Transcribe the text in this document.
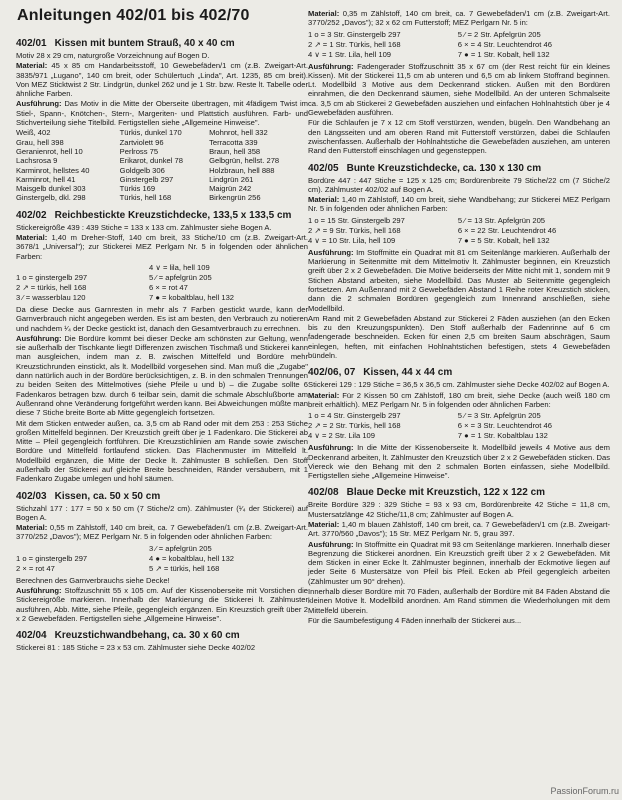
Anleitungen 402/01 bis 402/70
402/01 Kissen mit buntem Strauß, 40 x 40 cm

Motiv 28 x 29 cm, naturgroße Vorzeichnung auf Bogen D.

Material: 45 x 85 cm Handarbeitsstoff, 10 Gewebefäden/1 cm (z.B. Zweigart-Art. 3835/971 „Lugano", 140 cm breit, oder Schülertuch „Linda", Art. 1235, 85 cm breit). Von MEZ Sticktwist 2 Str. Lindgrün, dunkel 262 und je 1 Str. bzw. Reste lt. Tabelle oder ähnliche Farben.

Ausführung: Das Motiv in die Mitte der Oberseite übertragen, mit 4fädigem Twist im Stiel-, Spann-, Knötchen-, Stern-, Margeriten- und Plattstich ausführen. Farb- und Stichverteilung siehe Titelbild. Fertigstellen siehe „Allgemeine Hinweise".

Weiß, 402	Türkis, dunkel 170	Mohnrot, hell 332
Grau, hell 398	Zartviolett 96	Terracotta 339
Geranienrot, hell 10	Perlross 75	Braun, hell 358
Lachsrosa 9	Erikarot, dunkel 78	Gelbgrün, hellst. 278
Karminrot, hellstes 40	Goldgelb 306	Holzbraun, hell 888
Karminrot, hell 41	Ginstergelb 297	Lindgrün 261
Maisgelb dunkel 303	Türkis 169	Maigrün 242
Ginstergelb, dkl. 298	Türkis, hell 168	Birkengrün 256
402/02 Reichbestickte Kreuzstichdecke, 133,5 x 133,5 cm

Stickereigröße 439 : 439 Stiche = 133 x 133 cm. Zählmuster siehe Bogen A.

Material: 1,40 m Dreher-Stoff, 140 cm breit, 33 Stiche/10 cm (z.B. Zweigart-Art. 3678/1 „Universal"); zur Stickerei MEZ Perlgarn Nr. 5 in folgenden oder ähnlichen Farben:

	4 ∨ = lila, hell 109
1 o = ginstergelb 297	5 ⁄ = apfelgrün 205
2 ↗ = türkis, hell 168	6 × = rot 47
3 ⁄ = wasserblau 120	7 ● = kobaltblau, hell 132

Da diese Decke aus Garnresten in mehr als 7 Farben gestickt wurde, kann der Garnverbrauch nicht angegeben werden. Es ist am besten, den Verbrauch zu notieren und nachdem ¹⁄₄ der Decke gestickt ist, danach den Gesamtverbrauch zu errechnen.

Ausführung: Die Bordüre kommt bei dieser Decke am schönsten zur Geltung, wenn sie außerhalb der Tischkante liegt! Differenzen zwischen Tischmaß und Stickerei kann man ausgleichen, indem man z. B. zwischen Mittelfeld und Bordüre mehr Kreuzstichrunden einstickt, als lt. Modellbild vorgesehen sind. Man muß die „Zugabe" dann natürlich auch in der Bordüre berücksichtigen, z. B. in den schmalen Trennungen zu beiden Seiten des Mittelmotives (siehe Pfeile u und b) – die Zugabe sollte 6 Fadenkaros betragen bzw. durch 6 teilbar sein, damit die schmale Abschlußborte am Außenrand ohne Veränderung fortgeführt werden kann. Bei Abweichungen müßte man diese 7 Stiche breite Borte ab Mitte gegengleich fortsetzen.

Mit dem Sticken entweder außen, ca. 3,5 cm ab Rand oder mit dem 253 : 253 Stiche großen Mittelfeld beginnen. Der Kreuzstich greift über je 1 Fadenkaro. Die Stickerei ab Mitte – Pfeil gegengleich fortführen. Die Kreuzstichlinien am Rande sowie zwischen Bordüre und Mittelfeld fortlaufend sticken. Das Flächenmuster im Mittelfeld lt. Modellbild ergänzen, die Mitte der Decke lt. Zählmuster B schließen. Den Stoff außerhalb der Stickerei auf gleiche Breite beschneiden, Ränder versäubern, mit 1 Fadenkaro Zugabe umlegen und hohl säumen.

402/03 Kissen, ca. 50 x 50 cm

Stichzahl 177 : 177 = 50 x 50 cm (7 Stiche/2 cm). Zählmuster (¹⁄₄ der Stickerei) auf Bogen A.

Material: 0,55 m Zählstoff, 140 cm breit, ca. 7 Gewebefäden/1 cm (z.B. Zweigart-Art. 3770/252 „Davos"); MEZ Perlgarn Nr. 5 in folgenden oder ähnlichen Farben:

	3 ⁄ = apfelgrün 205
1 o = ginstergelb 297	4 ● = kobaltblau, hell 132
2 × = rot 47	5 ↗ = türkis, hell 168

Berechnen des Garnverbrauchs siehe Decke!

Ausführung: Stoffzuschnitt 55 x 105 cm. Auf der Kissenoberseite mit Vorstichen die Stickereigröße markieren. Innerhalb der Markierung die Stickerei lt. Zählmuster ausführen, Abb. Mitte, siehe Pfeile, gegengleich ergänzen. Ein Kreuzstich greift über 2 x 2 Gewebefäden. Fertigstellen siehe „Allgemeine Hinweise".

402/04 Kreuzstichwandbehang, ca. 30 x 60 cm

Stickerei 81 : 185 Stiche = 23 x 53 cm. Zählmuster siehe Decke 402/02

Material: 0,35 m Zählstoff, 140 cm breit, ca. 7 Gewebefäden/1 cm (z.B. Zweigart-Art. 3770/252 „Davos"); 32 x 62 cm Futterstoff; MEZ Perlgarn Nr. 5 in:

1 o = 3 Str. Ginstergelb 297	5 ⁄ = 2 Str. Apfelgrün 205
2 ↗ = 1 Str. Türkis, hell 168	6 × = 4 Str. Leuchtendrot 46
4 ∨ = 1 Str. Lila, hell 109	7 ● = 1 Str. Kobalt, hell 132

Ausführung: Fadengerader Stoffzuschnitt 35 x 67 cm (der Rest reicht für ein kleines Kissen). Mit der Stickerei 11,5 cm ab unteren und 6,5 cm ab linkem Stoffrand beginnen. Lt. Modellbild 3 Motive aus dem Deckenrand sticken. Außen mit den Bordüren einrahmen, die den Deckenrand säumen, siehe Modellbild. An der unteren Schmalseite ca. 3,5 cm ab Stickerei 2 Gewebefäden ausziehen und einfachen Hohlnahtstich über je 4 Gewebefäden ausführen.

Für die Schlaufen je 7 x 12 cm Stoff verstürzen, wenden, bügeln. Den Wandbehang an den Längsseiten und am oberen Rand mit Futterstoff verstürzen, dabei die Schlaufen zwischenfassen. Außerhalb der Hohlnahtstiche die Gewebefäden ausziehen, am unteren Rand den Futterstoff einschlagen und gegensteppen.

402/05 Bunte Kreuzstichdecke, ca. 130 x 130 cm

Bordüre 447 : 447 Stiche = 125 x 125 cm; Bordürenbreite 79 Stiche/22 cm (7 Stiche/2 cm). Zählmuster 402/02 auf Bogen A.

Material: 1,40 m Zählstoff, 140 cm breit, siehe Wandbehang; zur Stickerei MEZ Perlgarn Nr. 5 in folgenden oder ähnlichen Farben:

1 o = 15 Str. Ginstergelb 297	5 ⁄ = 13 Str. Apfelgrün 205
2 ↗ = 9 Str. Türkis, hell 168	6 × = 22 Str. Leuchtendrot 46
4 ∨ = 10 Str. Lila, hell 109	7 ● = 5 Str. Kobalt, hell 132

Ausführung: Im Stoffmitte ein Quadrat mit 81 cm Seitenlänge markieren. Außerhalb der Markierung in Seitenmitte mit dem Mittelmotiv lt. Zählmuster beginnen, ein Kreuzstich greift über 2 x 2 Gewebefäden. Die Motive beiderseits der Mitte nicht mit 1, sondern mit 9 Stichen Abstand arbeiten, siehe Modellbild. Das Muster ab Seitenmitte gegengleich fortsetzen. Am Außenrand mit 2 Gewebefäden Abstand 1 Reihe roter Kreuzstich sticken, dann die 2 schmalen Bordüren gegengleich zum Innenrand anschließen, siehe Modellbild.

Am Rand mit 2 Gewebefäden Abstand zur Stickerei 2 Fäden ausziehen (an den Ecken bis zu den Kreuzungspunkten). Den Stoff außerhalb der Fadenrinne auf 6 cm fadengerade beschneiden. Ecken für einen 2,5 cm breiten Saum abschrägen, Saum einlegen, heften, mit einfachen Hohlnahtstichen befestigen, stets 4 Gewebefäden bündeln.

402/06, 07 Kissen, 44 x 44 cm

Stickerei 129 : 129 Stiche = 36,5 x 36,5 cm. Zählmuster siehe Decke 402/02 auf Bogen A.

Material: Für 2 Kissen 50 cm Zählstoff, 180 cm breit, siehe Decke (auch weiß 180 cm breit erhältlich). MEZ Perlgarn Nr. 5 in folgenden oder ähnlichen Farben:

1 o = 4 Str. Ginstergelb 297	5 ⁄ = 3 Str. Apfelgrün 205
2 ↗ = 2 Str. Türkis, hell 168	6 × = 3 Str. Leuchtendrot 46
4 ∨ = 2 Str. Lila 109	7 ● = 1 Str. Kobaltblau 132

Ausführung: In die Mitte der Kissenoberseite lt. Modellbild jeweils 4 Motive aus dem Deckenrand arbeiten, lt. Zählmuster den Kreuzstich über 2 x 2 Gewebefäden sticken. Das Viereck wie den Behang mit den 2 schmalen Borten einfassen, siehe Modellbild. Fertigstellen siehe „Allgemeine Hinweise".

402/08 Blaue Decke mit Kreuzstich, 122 x 122 cm

Breite Bordüre 329 : 329 Stiche = 93 x 93 cm, Bordürenbreite 42 Stiche = 11,8 cm, Mustersatzlänge 42 Stiche/11,8 cm; Zählmuster auf Bogen A.

Material: 1,40 m blauen Zählstoff, 140 cm breit, ca. 7 Gewebefäden/1 cm (z.B. Zweigart-Art. 3770/560 „Davos"); 15 Str. MEZ Perlgarn Nr. 5, grau 397.

Ausführung: In Stoffmitte ein Quadrat mit 93 cm Seitenlänge markieren. Innerhalb dieser Begrenzung die Stickerei anordnen. Ein Kreuzstich greift über 2 x 2 Gewebefäden. Mit dem Sticken in einer Ecke lt. Zählmuster beginnen, innerhalb der Eckmotive liegen auf jeder Seite 6 Mustersätze von Pfeil bis Pfeil. Ecken ab Pfeil gegengleich arbeiten (Zählmuster um 90° drehen).

Innerhalb dieser Bordüre mit 70 Fäden, außerhalb der Bordüre mit 84 Fäden Abstand die kleinen Motive lt. Modellbild anordnen. Am Rand stimmen die Wiederholungen mit dem Mittelfeld überein.

Für die Saumbefestigung 4 Fäden innerhalb der Stickerei aus...

PassionForum.ru
